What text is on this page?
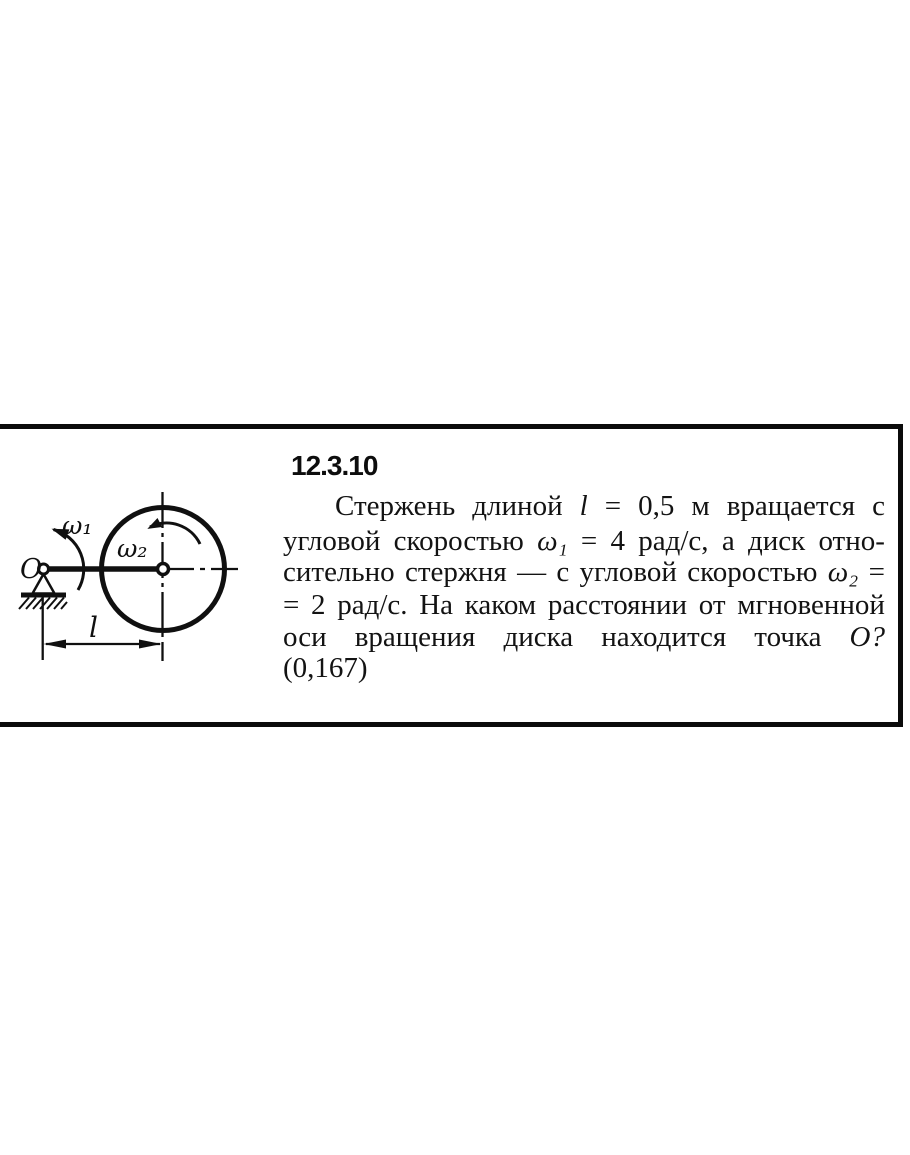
12.3.10
Стержень длиной l = 0,5 м вращается с
угловой скоростью ω₁ = 4 рад/с, а диск отно-
сительно стержня — с угловой скоростью ω₂ =
= 2 рад/с. На каком расстоянии от мгновенной
оси вращения диска находится точка O?
(0,167)
O
ω₁
ω₂
l
